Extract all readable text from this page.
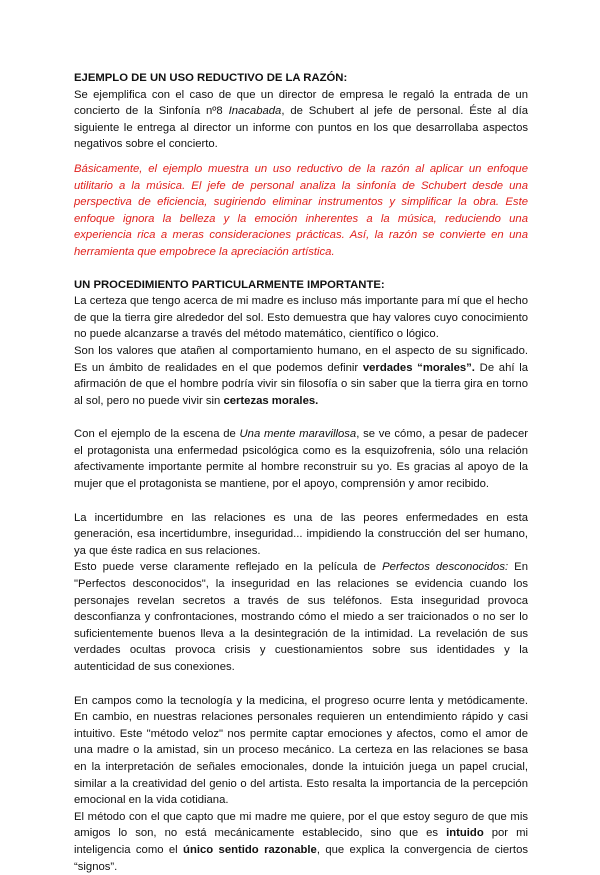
EJEMPLO DE UN USO REDUCTIVO DE LA RAZÓN:

Se ejemplifica con el caso de que un director de empresa le regaló la entrada de un concierto de la Sinfonía nº8 Inacabada, de Schubert al jefe de personal. Éste al día siguiente le entrega al director un informe con puntos en los que desarrollaba aspectos negativos sobre el concierto.

Básicamente, el ejemplo muestra un uso reductivo de la razón al aplicar un enfoque utilitario a la música. El jefe de personal analiza la sinfonía de Schubert desde una perspectiva de eficiencia, sugiriendo eliminar instrumentos y simplificar la obra. Este enfoque ignora la belleza y la emoción inherentes a la música, reduciendo una experiencia rica a meras consideraciones prácticas. Así, la razón se convierte en una herramienta que empobrece la apreciación artística.

UN PROCEDIMIENTO PARTICULARMENTE IMPORTANTE:

La certeza que tengo acerca de mi madre es incluso más importante para mí que el hecho de que la tierra gire alrededor del sol. Esto demuestra que hay valores cuyo conocimiento no puede alcanzarse a través del método matemático, científico o lógico.

Son los valores que atañen al comportamiento humano, en el aspecto de su significado. Es un ámbito de realidades en el que podemos definir verdades “morales”. De ahí la afirmación de que el hombre podría vivir sin filosofía o sin saber que la tierra gira en torno al sol, pero no puede vivir sin certezas morales.

Con el ejemplo de la escena de Una mente maravillosa, se ve cómo, a pesar de padecer el protagonista una enfermedad psicológica como es la esquizofrenia, sólo una relación afectivamente importante permite al hombre reconstruir su yo. Es gracias al apoyo de la mujer que el protagonista se mantiene, por el apoyo, comprensión y amor recibido.

La incertidumbre en las relaciones es una de las peores enfermedades en esta generación, esa incertidumbre, inseguridad... impidiendo la construcción del ser humano, ya que éste radica en sus relaciones.

Esto puede verse claramente reflejado en la película de Perfectos desconocidos: En "Perfectos desconocidos", la inseguridad en las relaciones se evidencia cuando los personajes revelan secretos a través de sus teléfonos. Esta inseguridad provoca desconfianza y confrontaciones, mostrando cómo el miedo a ser traicionados o no ser lo suficientemente buenos lleva a la desintegración de la intimidad. La revelación de sus verdades ocultas provoca crisis y cuestionamientos sobre sus identidades y la autenticidad de sus conexiones.

En campos como la tecnología y la medicina, el progreso ocurre lenta y metódicamente. En cambio, en nuestras relaciones personales requieren un entendimiento rápido y casi intuitivo. Este "método veloz" nos permite captar emociones y afectos, como el amor de una madre o la amistad, sin un proceso mecánico. La certeza en las relaciones se basa en la interpretación de señales emocionales, donde la intuición juega un papel crucial, similar a la creatividad del genio o del artista. Esto resalta la importancia de la percepción emocional en la vida cotidiana.

El método con el que capto que mi madre me quiere, por el que estoy seguro de que mis amigos lo son, no está mecánicamente establecido, sino que es intuido por mi inteligencia como el único sentido razonable, que explica la convergencia de ciertos “signos”.
